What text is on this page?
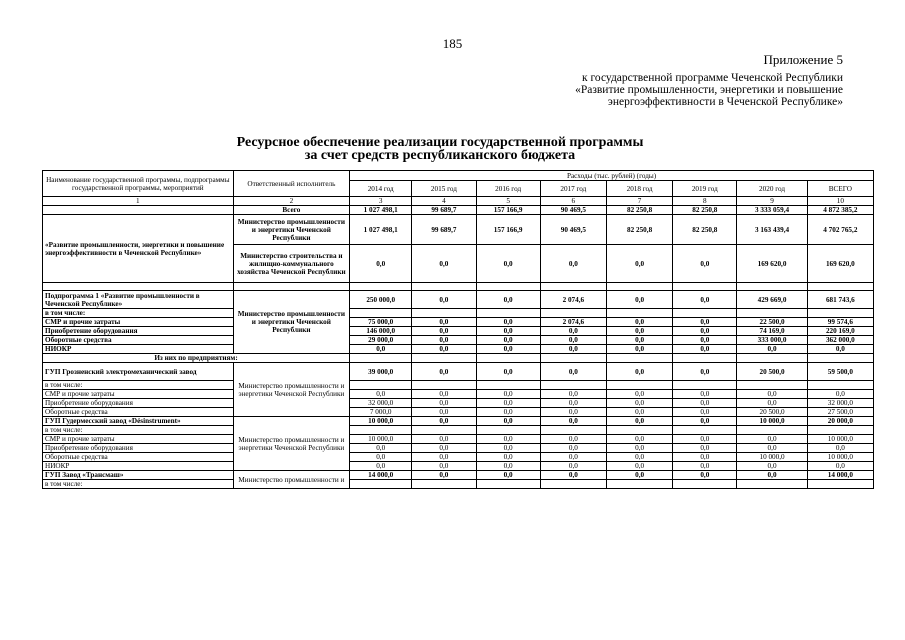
185
Приложение 5
к государственной программе Чеченской Республики
«Развитие промышленности, энергетики и повышение
энергоэффективности в Чеченской Республике»
Ресурсное обеспечение реализации государственной программы
за счет средств республиканского бюджета
Наименование государственной программы, подпрограммы государственной программы, мероприятий	Ответственный исполнитель	Расходы (тыс. рублей) (годы)							
		2014 год	2015 год	2016 год	2017 год	2018 год	2019 год	2020 год	ВСЕГО
1	2	3	4	5	6	7	8	9	10
	Всего	1 027 498,1	99 689,7	157 166,9	90 469,5	82 250,8	82 250,8	3 333 059,4	4 872 385,2
«Развитие промышленности, энергетики и повышение энергоэффективности в Чеченской Республике»	Министерство промышленности и энергетики Чеченской Республики	1 027 498,1	99 689,7	157 166,9	90 469,5	82 250,8	82 250,8	3 163 439,4	4 702 765,2
	Министерство строительства и жилищно-коммунального хозяйства Чеченской Республики	0,0	0,0	0,0	0,0	0,0	0,0	169 620,0	169 620,0

Подпрограмма 1 «Развитие промышленности в Чеченской Республике»	Министерство промышленности и энергетики Чеченской Республики	250 000,0	0,0	0,0	2 074,6	0,0	0,0	429 669,0	681 743,6
в том числе:									
СМР и прочие затраты		75 000,0	0,0	0,0	2 074,6	0,0	0,0	22 500,0	99 574,6
Приобретение оборудования		146 000,0	0,0	0,0	0,0	0,0	0,0	74 169,0	220 169,0
Оборотные средства		29 000,0	0,0	0,0	0,0	0,0	0,0	333 000,0	362 000,0
НИОКР		0,0	0,0	0,0	0,0	0,0	0,0	0,0	0,0
Из них по предприятиям:									
ГУП Грозненский электромеханический завод	Министерство промышленности и энергетики Чеченской Республики	39 000,0	0,0	0,0	0,0	0,0	0,0	20 500,0	59 500,0
в том числе:									
СМР и прочие затраты		0,0	0,0	0,0	0,0	0,0	0,0	0,0	0,0
Приобретение оборудования		32 000,0	0,0	0,0	0,0	0,0	0,0	0,0	32 000,0
Оборотные средства		7 000,0	0,0	0,0	0,0	0,0	0,0	20 500,0	27 500,0
ГУП Гудермесский завод «Désinstrument»	Министерство промышленности и энергетики Чеченской Республики	10 000,0	0,0	0,0	0,0	0,0	0,0	10 000,0	20 000,0
в том числе:									
СМР и прочие затраты		10 000,0	0,0	0,0	0,0	0,0	0,0	0,0	10 000,0
Приобретение оборудования		0,0	0,0	0,0	0,0	0,0	0,0	0,0	0,0
Оборотные средства		0,0	0,0	0,0	0,0	0,0	0,0	10 000,0	10 000,0
НИОКР		0,0	0,0	0,0	0,0	0,0	0,0	0,0	0,0
ГУП Завод «Трансмаш»	Министерство промышленности и	14 000,0	0,0	0,0	0,0	0,0	0,0	0,0	14 000,0
в том числе:									
